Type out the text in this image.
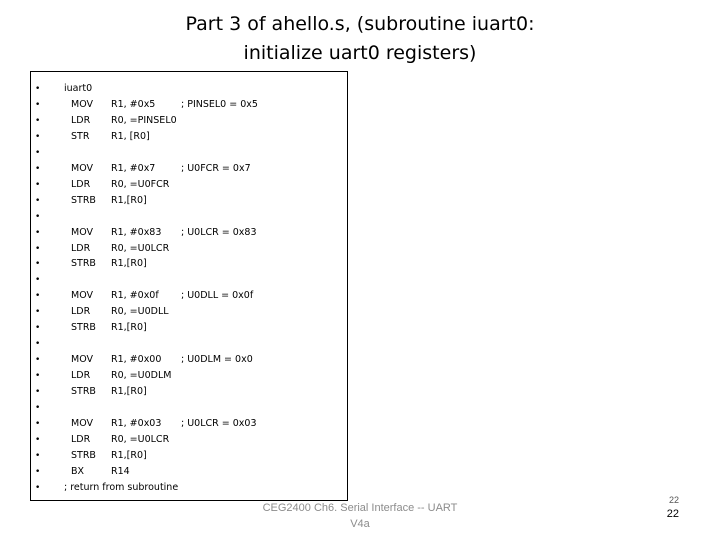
Part 3 of ahello.s, (subroutine iuart0:
initialize uart0 registers)
• iuart0
•	MOV R1, #0x5	; PINSEL0 = 0x5
•	LDR R0, =PINSEL0
•	STR R1, [R0]
•
•	MOV R1, #0x7	; U0FCR = 0x7
•	LDR R0, =U0FCR
•	STRB R1,[R0]
•
•	MOV R1, #0x83 ; U0LCR = 0x83
•	LDR R0, =U0LCR
•	STRB R1,[R0]
•
•	MOV R1, #0x0f ; U0DLL = 0x0f
•	LDR R0, =U0DLL
•	STRB R1,[R0]
•
•	MOV R1, #0x00 ; U0DLM = 0x0
•	LDR R0, =U0DLM
•	STRB R1,[R0]
•
•	MOV R1, #0x03 ; U0LCR = 0x03
•	LDR R0, =U0LCR
•	STRB R1,[R0]
•	BX	R14
• ; return from subroutine
CEG2400 Ch6. Serial Interface -- UART
V4a
22
22
